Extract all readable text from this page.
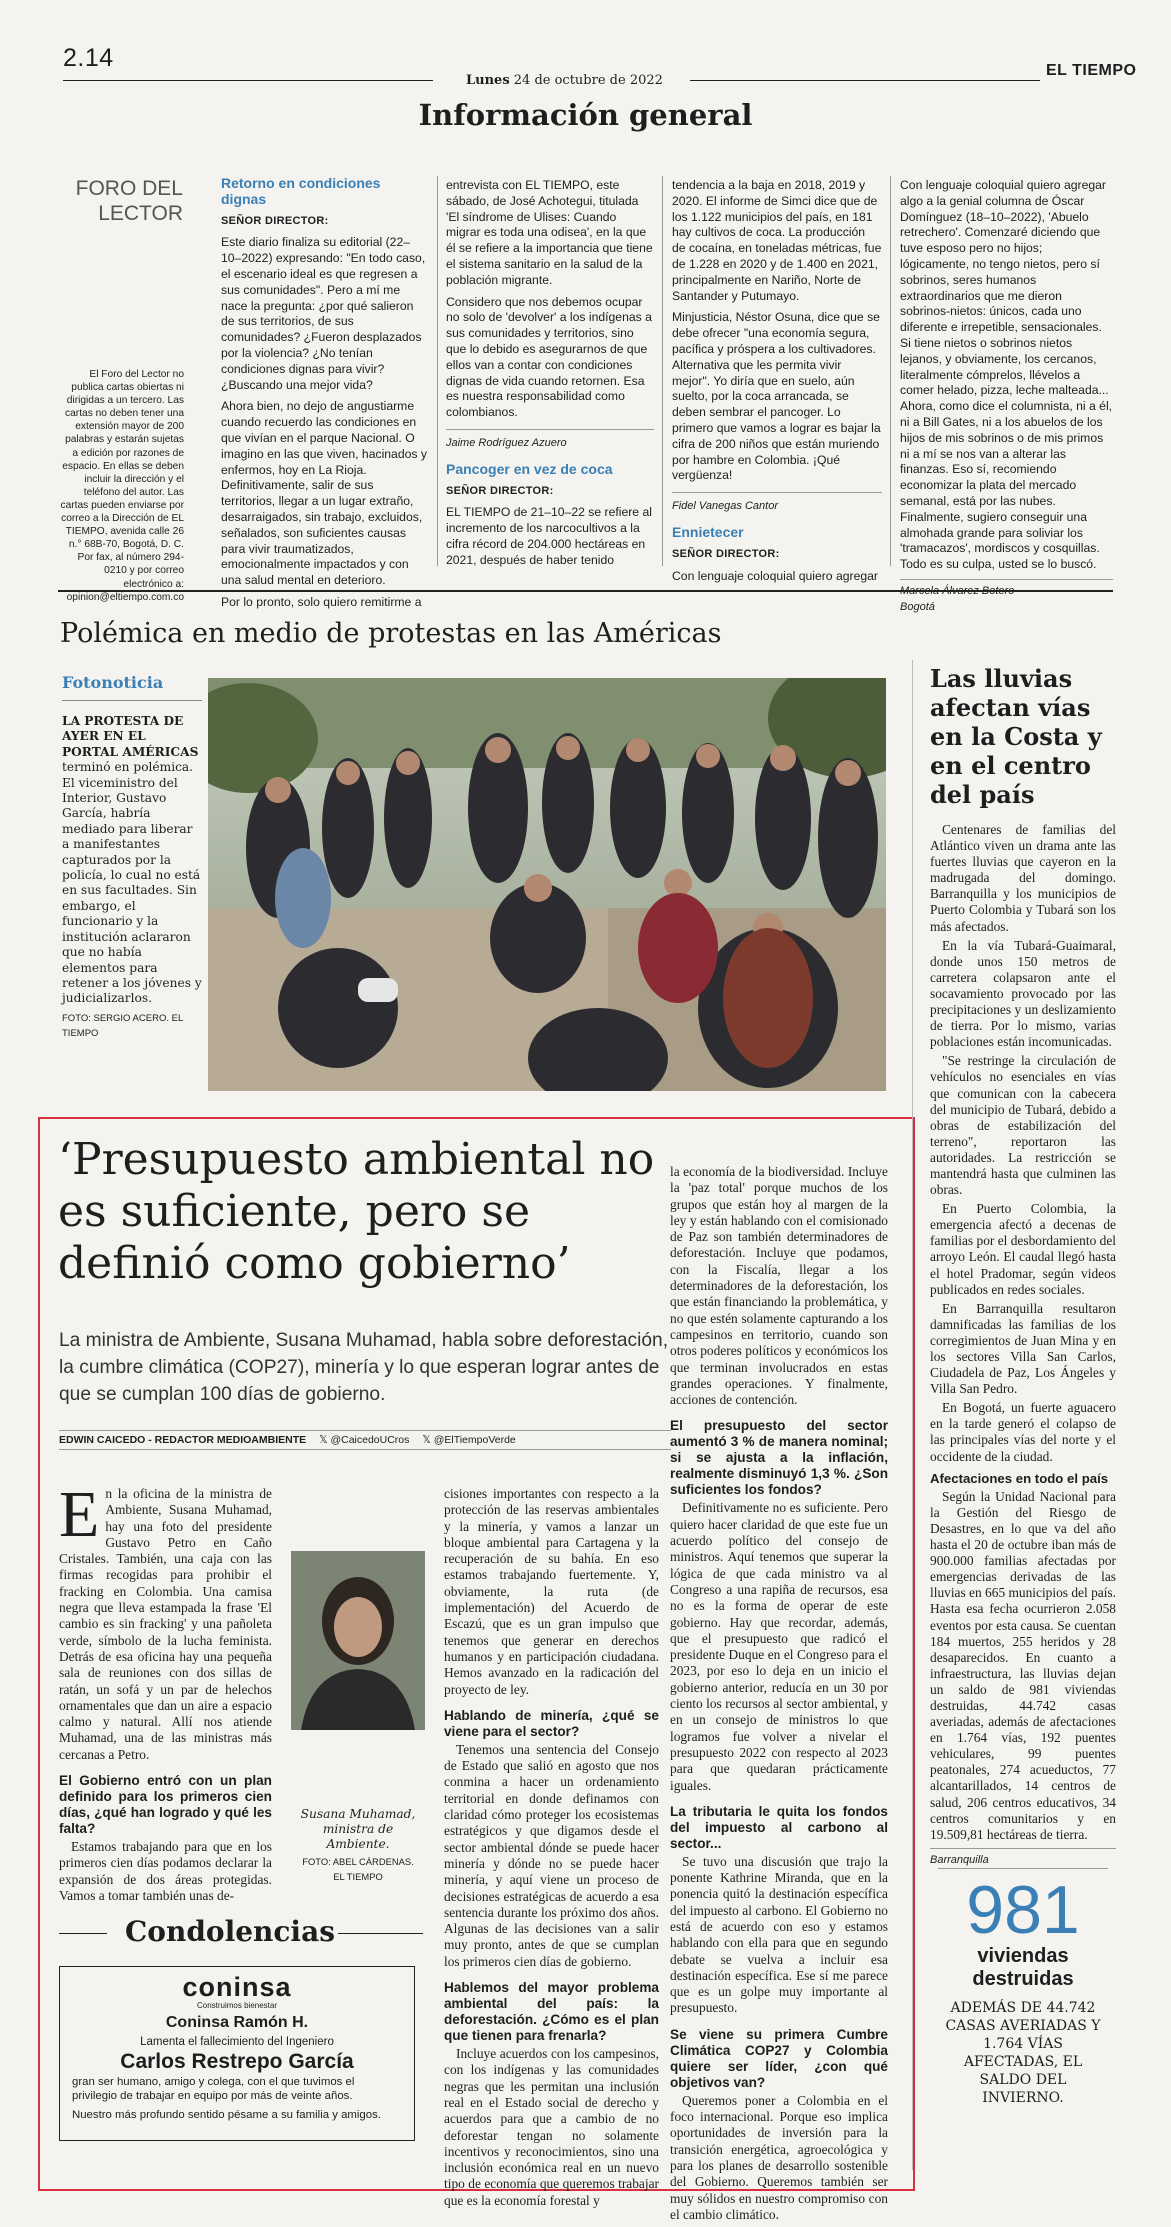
2.14
Lunes 24 de octubre de 2022
EL TIEMPO
Información general
FORO DEL
LECTOR
El Foro del Lector no publica cartas obiertas ni dirigidas a un tercero. Las cartas no deben tener una extensión mayor de 200 palabras y estarán sujetas a edición por razones de espacio. En ellas se deben incluir la dirección y el teléfono del autor. Las cartas pueden enviarse por correo a la Dirección de EL TIEMPO, avenida calle 26 n.° 68B-70, Bogotá, D. C. Por fax, al número 294-0210 y por correo electrónico a: opinion@eltiempo.com.co
Retorno en condiciones dignas

SEÑOR DIRECTOR:

Este diario finaliza su editorial (22–10–2022) expresando: "En todo caso, el escenario ideal es que regresen a sus comunidades". Pero a mí me nace la pregunta: ¿por qué salieron de sus territorios, de sus comunidades? ¿Fueron desplazados por la violencia? ¿No tenían condiciones dignas para vivir? ¿Buscando una mejor vida?

Ahora bien, no dejo de angustiarme cuando recuerdo las condiciones en que vivían en el parque Nacional. O imagino en las que viven, hacinados y enfermos, hoy en La Rioja. Definitivamente, salir de sus territorios, llegar a un lugar extraño, desarraigados, sin trabajo, excluidos, señalados, son suficientes causas para vivir traumatizados, emocionalmente impactados y con una salud mental en deterioro.

Por lo pronto, solo quiero remitirme a

entrevista con EL TIEMPO, este sábado, de José Achotegui, titulada 'El síndrome de Ulises: Cuando migrar es toda una odisea', en la que él se refiere a la importancia que tiene el sistema sanitario en la salud de la población migrante.

Considero que nos debemos ocupar no solo de 'devolver' a los indígenas a sus comunidades y territorios, sino que lo debido es asegurarnos de que ellos van a contar con condiciones dignas de vida cuando retornen. Esa es nuestra responsabilidad como colombianos.

Jaime Rodríguez Azuero

Pancoger en vez de coca

SEÑOR DIRECTOR:

EL TIEMPO de 21–10–22 se refiere al incremento de los narcocultivos a la cifra récord de 204.000 hectáreas en 2021, después de haber tenido

tendencia a la baja en 2018, 2019 y 2020. El informe de Simci dice que de los 1.122 municipios del país, en 181 hay cultivos de coca. La producción de cocaína, en toneladas métricas, fue de 1.228 en 2020 y de 1.400 en 2021, principalmente en Nariño, Norte de Santander y Putumayo.

Minjusticia, Néstor Osuna, dice que se debe ofrecer "una economía segura, pacífica y próspera a los cultivadores. Alternativa que les permita vivir mejor". Yo diría que en suelo, aún suelto, por la coca arrancada, se deben sembrar el pancoger. Lo primero que vamos a lograr es bajar la cifra de 200 niños que están muriendo por hambre en Colombia. ¡Qué vergüenza!

Fidel Vanegas Cantor

Ennietecer

SEÑOR DIRECTOR:

Con lenguaje coloquial quiero agregar

Con lenguaje coloquial quiero agregar algo a la genial columna de Óscar Domínguez (18–10–2022), 'Abuelo retrechero'. Comenzaré diciendo que tuve esposo pero no hijos; lógicamente, no tengo nietos, pero sí sobrinos, seres humanos extraordinarios que me dieron sobrinos-nietos: únicos, cada uno diferente e irrepetible, sensacionales. Si tiene nietos o sobrinos nietos lejanos, y obviamente, los cercanos, literalmente cómprelos, llévelos a comer helado, pizza, leche malteada... Ahora, como dice el columnista, ni a él, ni a Bill Gates, ni a los abuelos de los hijos de mis sobrinos o de mis primos ni a mí se nos van a alterar las finanzas. Eso sí, recomiendo economizar la plata del mercado semanal, está por las nubes. Finalmente, sugiero conseguir una almohada grande para soliviar los 'tramacazos', mordiscos y cosquillas. Todo es su culpa, usted se lo buscó.

Bogotá

Polémica en medio de protestas en las Américas
Fotonoticia
LA PROTESTA DE AYER EN EL PORTAL AMÉRICAS terminó en polémica. El viceministro del Interior, Gustavo García, habría mediado para liberar a manifestantes capturados por la policía, lo cual no está en sus facultades. Sin embargo, el funcionario y la institución aclararon que no había elementos para retener a los jóvenes y judicializarlos.
FOTO: SERGIO ACERO. EL TIEMPO
‘Presupuesto ambiental no es suficiente, pero se definió como gobierno’
La ministra de Ambiente, Susana Muhamad, habla sobre deforestación, la cumbre climática (COP27), minería y lo que esperan lograr antes de que se cumplan 100 días de gobierno.
EDWIN CAICEDO - REDACTOR MEDIOAMBIENTE 𝕏 @CaicedoUCros 𝕏 @ElTiempoVerde

En la oficina de la ministra de Ambiente, Susana Muhamad, hay una foto del presidente Gustavo Petro en Caño Cristales. También, una caja con las firmas recogidas para prohibir el fracking en Colombia. Una camisa negra que lleva estampada la frase 'El cambio es sin fracking' y una pañoleta verde, símbolo de la lucha feminista. Detrás de esa oficina hay una pequeña sala de reuniones con dos sillas de ratán, un sofá y un par de helechos ornamentales que dan un aire a espacio calmo y natural. Allí nos atiende Muhamad, una de las ministras más cercanas a Petro.

El Gobierno entró con un plan definido para los primeros cien días, ¿qué han logrado y qué les falta?

Estamos trabajando para que en los primeros cien días podamos declarar la expansión de dos áreas protegidas. Vamos a tomar también unas de-

Susana Muhamad, ministra de Ambiente.
FOTO: ABEL CÁRDENAS.
EL TIEMPO

cisiones importantes con respecto a la protección de las reservas ambientales y la minería, y vamos a lanzar un bloque ambiental para Cartagena y la recuperación de su bahía. En eso estamos trabajando fuertemente. Y, obviamente, la ruta (de implementación) del Acuerdo de Escazú, que es un gran impulso que tenemos que generar en derechos humanos y en participación ciudadana. Hemos avanzado en la radicación del proyecto de ley.

Hablando de minería, ¿qué se viene para el sector?

Tenemos una sentencia del Consejo de Estado que salió en agosto que nos conmina a hacer un ordenamiento territorial en donde definamos con claridad cómo proteger los ecosistemas estratégicos y que digamos desde el sector ambiental dónde se puede hacer minería y dónde no se puede hacer minería, y aquí viene un proceso de decisiones estratégicas de acuerdo a esa sentencia durante los próximo dos años. Algunas de las decisiones van a salir muy pronto, antes de que se cumplan los primeros cien días de gobierno.

Hablemos del mayor problema ambiental del país: la deforestación. ¿Cómo es el plan que tienen para frenarla?

Incluye acuerdos con los campesinos, con los indígenas y las comunidades negras que les permitan una inclusión real en el Estado social de derecho y acuerdos para que a cambio de no deforestar tengan no solamente incentivos y reconocimientos, sino una inclusión económica real en un nuevo tipo de economía que queremos trabajar que es la economía forestal y

la economía de la biodiversidad. Incluye la 'paz total' porque muchos de los grupos que están hoy al margen de la ley y están hablando con el comisionado de Paz son también determinadores de deforestación. Incluye que podamos, con la Fiscalía, llegar a los determinadores de la deforestación, los que están financiando la problemática, y no que estén solamente capturando a los campesinos en territorio, cuando son otros poderes políticos y económicos los que terminan involucrados en estas grandes operaciones. Y finalmente, acciones de contención.

El presupuesto del sector aumentó 3 % de manera nominal; si se ajusta a la inflación, realmente disminuyó 1,3 %. ¿Son suficientes los fondos?

Definitivamente no es suficiente. Pero quiero hacer claridad de que este fue un acuerdo político del consejo de ministros. Aquí tenemos que superar la lógica de que cada ministro va al Congreso a una rapiña de recursos, esa no es la forma de operar de este gobierno. Hay que recordar, además, que el presupuesto que radicó el presidente Duque en el Congreso para el 2023, por eso lo deja en un inicio el gobierno anterior, reducía en un 30 por ciento los recursos al sector ambiental, y en un consejo de ministros lo que logramos fue volver a nivelar el presupuesto 2022 con respecto al 2023 para que quedaran prácticamente iguales.

La tributaria le quita los fondos del impuesto al carbono al sector...

Se tuvo una discusión que trajo la ponente Kathrine Miranda, que en la ponencia quitó la destinación específica del impuesto al carbono. El Gobierno no está de acuerdo con eso y estamos hablando con ella para que en segundo debate se vuelva a incluir esa destinación específica. Ese sí me parece que es un golpe muy importante al presupuesto.

Se viene su primera Cumbre Climática COP27 y Colombia quiere ser líder, ¿con qué objetivos van?

Queremos poner a Colombia en el foco internacional. Porque eso implica oportunidades de inversión para la transición energética, agroecológica y para los planes de desarrollo sostenible del Gobierno. Queremos también ser muy sólidos en nuestro compromiso con el cambio climático.

Condolencias
coninsa
Construimos bienestar
Coninsa Ramón H.
Lamenta el fallecimiento del Ingeniero
Carlos Restrepo García
gran ser humano, amigo y colega, con el que tuvimos el privilegio de trabajar en equipo por más de veinte años.
Nuestro más profundo sentido pésame a su familia y amigos.
Las lluvias afectan vías en la Costa y en el centro del país

Centenares de familias del Atlántico viven un drama ante las fuertes lluvias que cayeron en la madrugada del domingo. Barranquilla y los municipios de Puerto Colombia y Tubará son los más afectados.

En la vía Tubará-Guaimaral, donde unos 150 metros de carretera colapsaron ante el socavamiento provocado por las precipitaciones y un deslizamiento de tierra. Por lo mismo, varias poblaciones están incomunicadas.

"Se restringe la circulación de vehículos no esenciales en vías que comunican con la cabecera del municipio de Tubará, debido a obras de estabilización del terreno", reportaron las autoridades. La restricción se mantendrá hasta que culminen las obras.

En Puerto Colombia, la emergencia afectó a decenas de familias por el desbordamiento del arroyo León. El caudal llegó hasta el hotel Pradomar, según videos publicados en redes sociales.

En Barranquilla resultaron damnificadas las familias de los corregimientos de Juan Mina y en los sectores Villa San Carlos, Ciudadela de Paz, Los Ángeles y Villa San Pedro.

En Bogotá, un fuerte aguacero en la tarde generó el colapso de las principales vías del norte y el occidente de la ciudad.

Afectaciones en todo el país

Según la Unidad Nacional para la Gestión del Riesgo de Desastres, en lo que va del año hasta el 20 de octubre iban más de 900.000 familias afectadas por emergencias derivadas de las lluvias en 665 municipios del país. Hasta esa fecha ocurrieron 2.058 eventos por esta causa. Se cuentan 184 muertos, 255 heridos y 28 desaparecidos. En cuanto a infraestructura, las lluvias dejan un saldo de 981 viviendas destruidas, 44.742 casas averiadas, además de afectaciones en 1.764 vías, 192 puentes vehiculares, 99 puentes peatonales, 274 acueductos, 77 alcantarillados, 14 centros de salud, 206 centros educativos, 34 centros comunitarios y en 19.509,81 hectáreas de tierra.

Barranquilla
981
viviendas destruidas
ADEMÁS DE 44.742 CASAS AVERIADAS Y 1.764 VÍAS AFECTADAS, EL SALDO DEL INVIERNO.
